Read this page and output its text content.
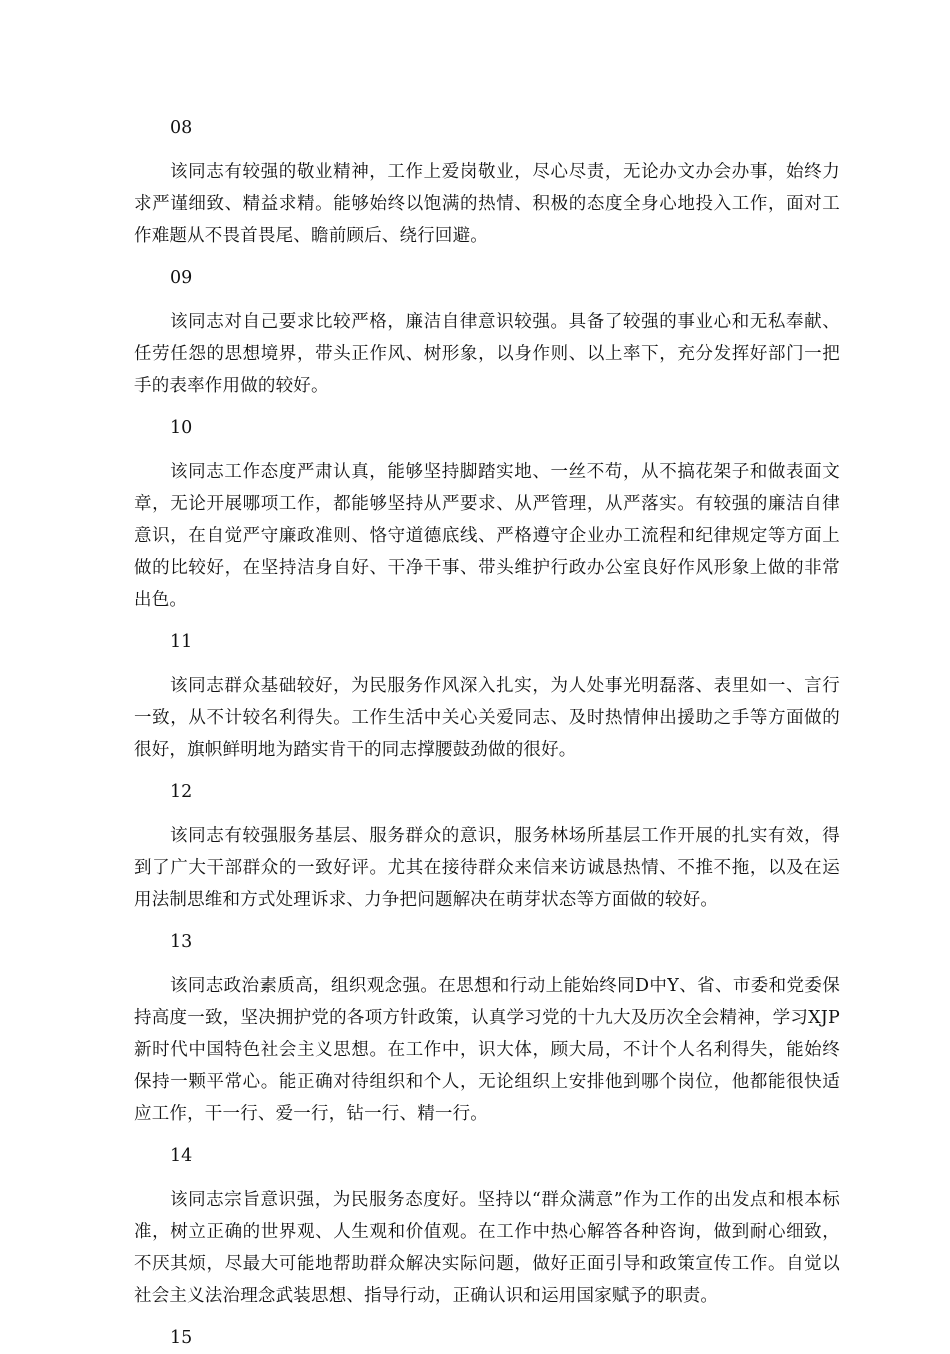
08

该同志有较强的敬业精神，工作上爱岗敬业，尽心尽责，无论办文办会办事，始终力求严谨细致、精益求精。能够始终以饱满的热情、积极的态度全身心地投入工作，面对工作难题从不畏首畏尾、瞻前顾后、绕行回避。

09

该同志对自己要求比较严格，廉洁自律意识较强。具备了较强的事业心和无私奉献、任劳任怨的思想境界，带头正作风、树形象，以身作则、以上率下，充分发挥好部门一把手的表率作用做的较好。

10

该同志工作态度严肃认真，能够坚持脚踏实地、一丝不苟，从不搞花架子和做表面文章，无论开展哪项工作，都能够坚持从严要求、从严管理，从严落实。有较强的廉洁自律意识，在自觉严守廉政准则、恪守道德底线、严格遵守企业办工流程和纪律规定等方面上做的比较好，在坚持洁身自好、干净干事、带头维护行政办公室良好作风形象上做的非常出色。

11

该同志群众基础较好，为民服务作风深入扎实，为人处事光明磊落、表里如一、言行一致，从不计较名利得失。工作生活中关心关爱同志、及时热情伸出援助之手等方面做的很好，旗帜鲜明地为踏实肯干的同志撑腰鼓劲做的很好。

12

该同志有较强服务基层、服务群众的意识，服务林场所基层工作开展的扎实有效，得到了广大干部群众的一致好评。尤其在接待群众来信来访诚恳热情、不推不拖，以及在运用法制思维和方式处理诉求、力争把问题解决在萌芽状态等方面做的较好。

13

该同志政治素质高，组织观念强。在思想和行动上能始终同D中Y、省、市委和党委保持高度一致，坚决拥护党的各项方针政策，认真学习党的十九大及历次全会精神，学习XJP新时代中国特色社会主义思想。在工作中，识大体，顾大局，不计个人名利得失，能始终保持一颗平常心。能正确对待组织和个人，无论组织上安排他到哪个岗位，他都能很快适应工作，干一行、爱一行，钻一行、精一行。

14

该同志宗旨意识强，为民服务态度好。坚持以“群众满意”作为工作的出发点和根本标准，树立正确的世界观、人生观和价值观。在工作中热心解答各种咨询，做到耐心细致，不厌其烦，尽最大可能地帮助群众解决实际问题，做好正面引导和政策宣传工作。自觉以社会主义法治理念武装思想、指导行动，正确认识和运用国家赋予的职责。

15
